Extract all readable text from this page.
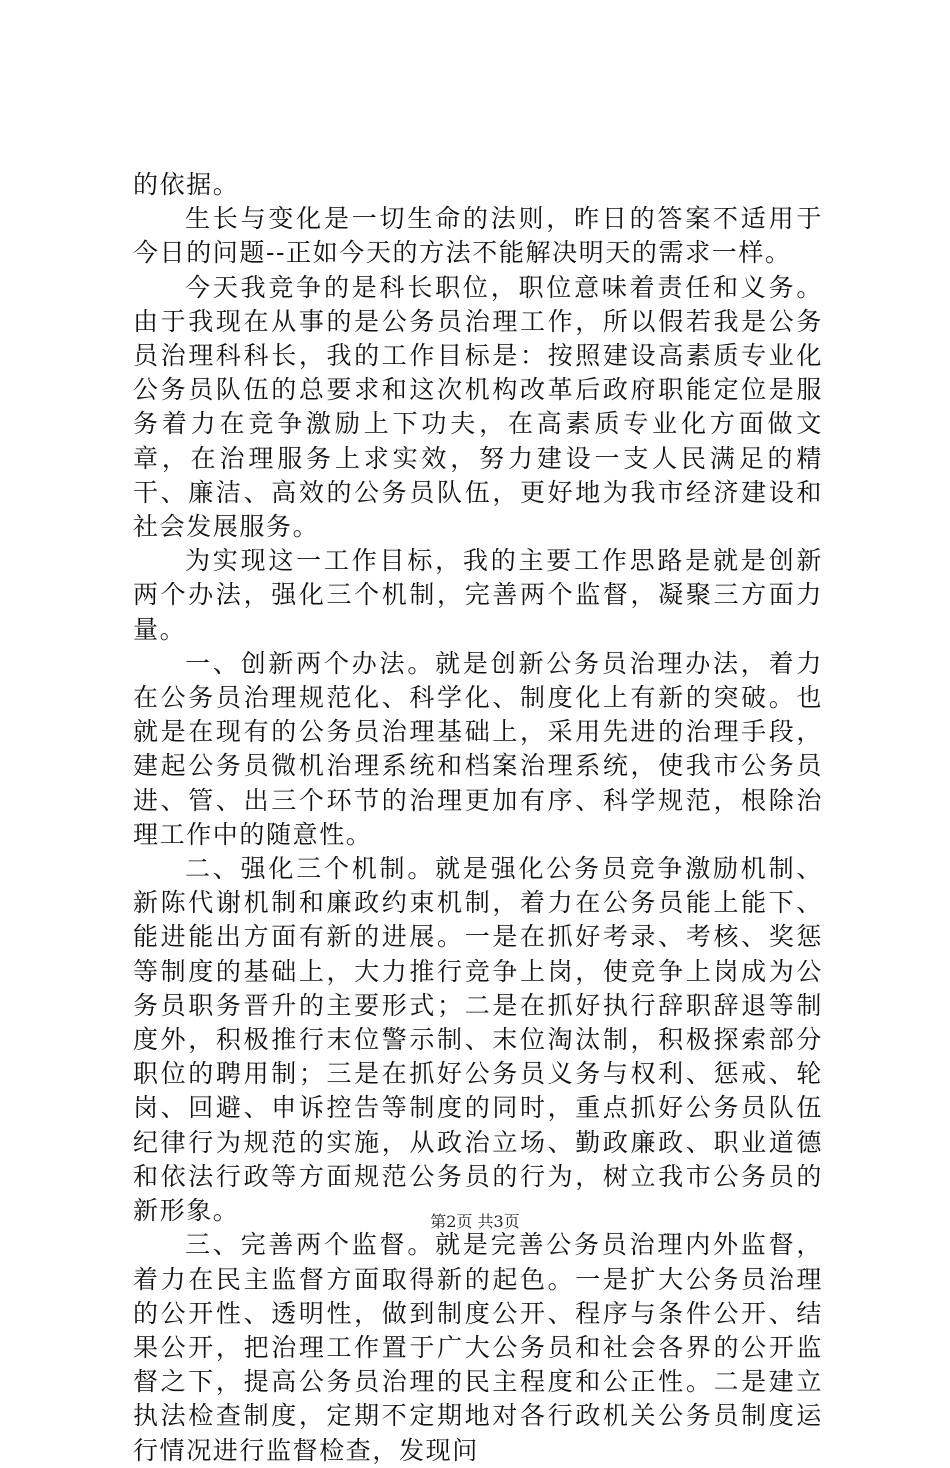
的依据。

生长与变化是一切生命的法则，昨日的答案不适用于今日的问题--正如今天的方法不能解决明天的需求一样。

今天我竞争的是科长职位，职位意味着责任和义务。由于我现在从事的是公务员治理工作，所以假若我是公务员治理科科长，我的工作目标是：按照建设高素质专业化公务员队伍的总要求和这次机构改革后政府职能定位是服务着力在竞争激励上下功夫，在高素质专业化方面做文章，在治理服务上求实效，努力建设一支人民满足的精干、廉洁、高效的公务员队伍，更好地为我市经济建设和社会发展服务。

为实现这一工作目标，我的主要工作思路是就是创新两个办法，强化三个机制，完善两个监督，凝聚三方面力量。

一、创新两个办法。就是创新公务员治理办法，着力在公务员治理规范化、科学化、制度化上有新的突破。也就是在现有的公务员治理基础上，采用先进的治理手段，建起公务员微机治理系统和档案治理系统，使我市公务员进、管、出三个环节的治理更加有序、科学规范，根除治理工作中的随意性。

二、强化三个机制。就是强化公务员竞争激励机制、新陈代谢机制和廉政约束机制，着力在公务员能上能下、能进能出方面有新的进展。一是在抓好考录、考核、奖惩等制度的基础上，大力推行竞争上岗，使竞争上岗成为公务员职务晋升的主要形式；二是在抓好执行辞职辞退等制度外，积极推行末位警示制、末位淘汰制，积极探索部分职位的聘用制；三是在抓好公务员义务与权利、惩戒、轮岗、回避、申诉控告等制度的同时，重点抓好公务员队伍纪律行为规范的实施，从政治立场、勤政廉政、职业道德和依法行政等方面规范公务员的行为，树立我市公务员的新形象。

三、完善两个监督。就是完善公务员治理内外监督，着力在民主监督方面取得新的起色。一是扩大公务员治理的公开性、透明性，做到制度公开、程序与条件公开、结果公开，把治理工作置于广大公务员和社会各界的公开监督之下，提高公务员治理的民主程度和公正性。二是建立执法检查制度，定期不定期地对各行政机关公务员制度运行情况进行监督检查，发现问

第2页 共3页
